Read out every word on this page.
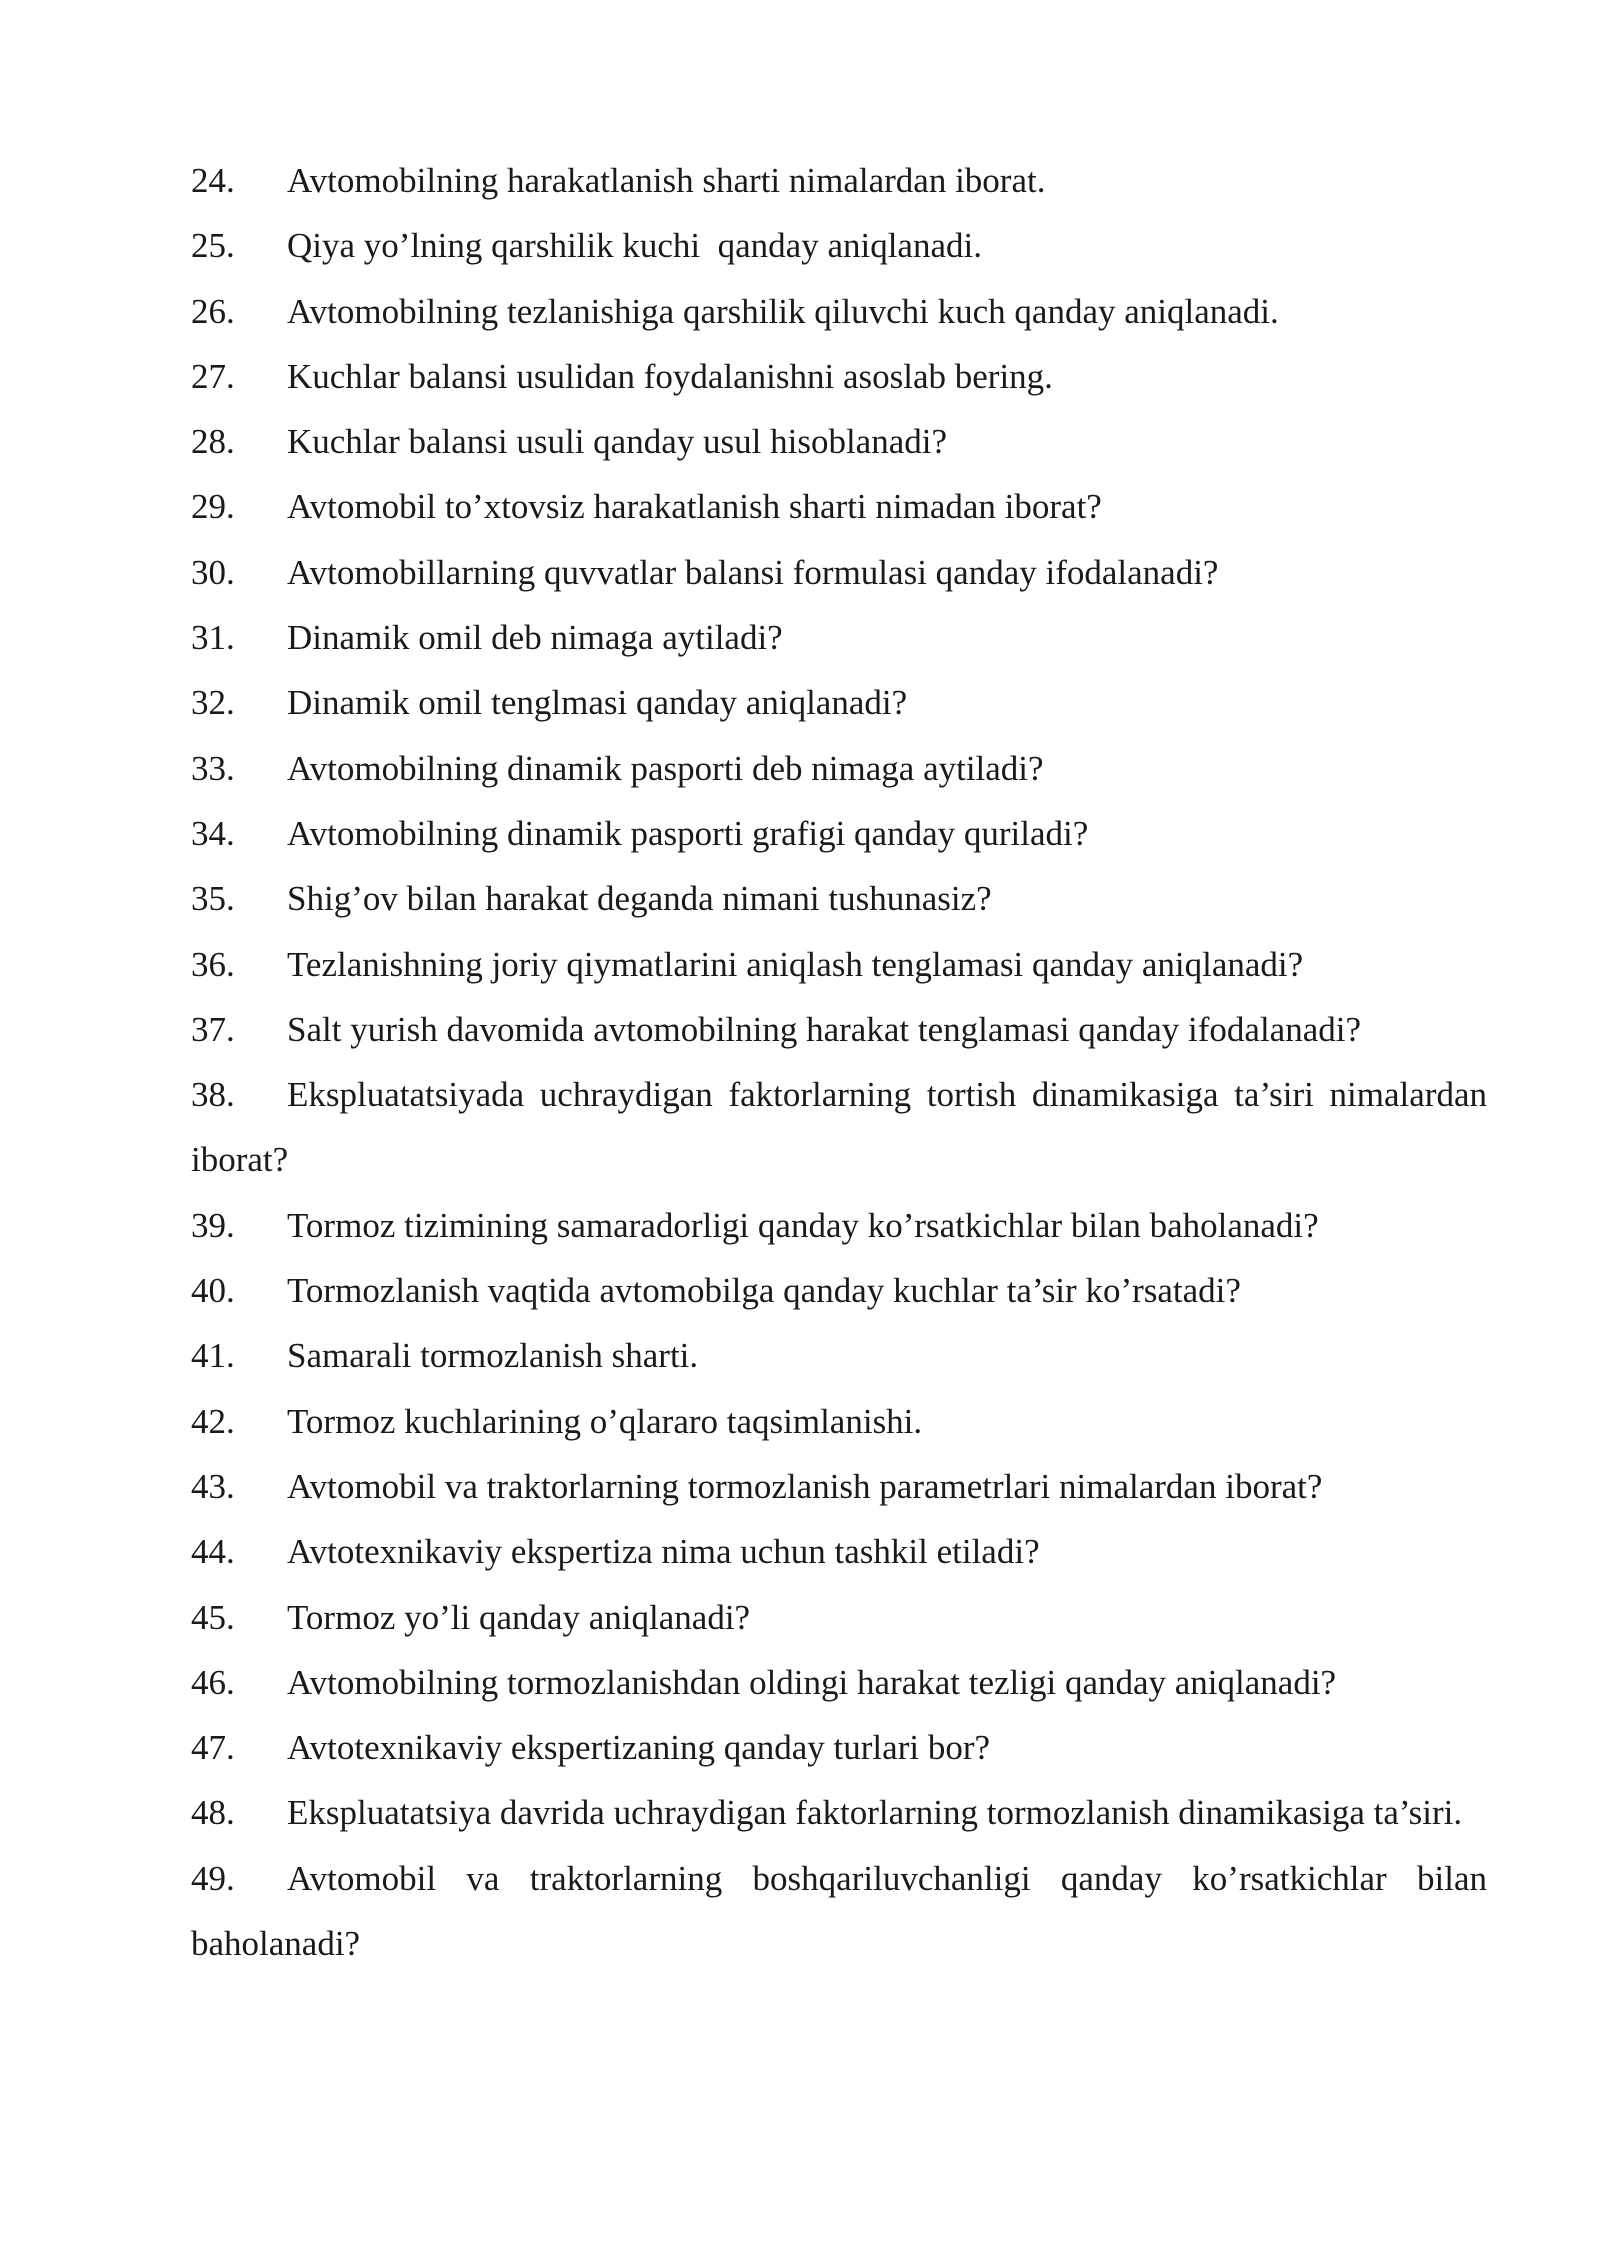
24. Avtomobilning harakatlanish sharti nimalardan iborat.
25. Qiya yo’lning qarshilik kuchi  qanday aniqlanadi.
26. Avtomobilning tezlanishiga qarshilik qiluvchi kuch qanday aniqlanadi.
27. Kuchlar balansi usulidan foydalanishni asoslab bering.
28. Kuchlar balansi usuli qanday usul hisoblanadi?
29. Avtomobil to’xtovsiz harakatlanish sharti nimadan iborat?
30. Avtomobillarning quvvatlar balansi formulasi qanday ifodalanadi?
31. Dinamik omil deb nimaga aytiladi?
32. Dinamik omil tenglmasi qanday aniqlanadi?
33. Avtomobilning dinamik pasporti deb nimaga aytiladi?
34. Avtomobilning dinamik pasporti grafigi qanday quriladi?
35. Shig’ov bilan harakat deganda nimani tushunasiz?
36. Tezlanishning joriy qiymatlarini aniqlash tenglamasi qanday aniqlanadi?
37. Salt yurish davomida avtomobilning harakat tenglamasi qanday ifodalanadi?
38. Ekspluatatsiyada uchraydigan faktorlarning tortish dinamikasiga ta’siri nimalardan iborat?
39. Tormoz tizimining samaradorligi qanday ko’rsatkichlar bilan baholanadi?
40. Tormozlanish vaqtida avtomobilga qanday kuchlar ta’sir ko’rsatadi?
41. Samarali tormozlanish sharti.
42. Tormoz kuchlarining o’qlararo taqsimlanishi.
43. Avtomobil va traktorlarning tormozlanish parametrlari nimalardan iborat?
44. Avtotexnikaviy ekspertiza nima uchun tashkil etiladi?
45. Tormoz yo’li qanday aniqlanadi?
46. Avtomobilning tormozlanishdan oldingi harakat tezligi qanday aniqlanadi?
47. Avtotexnikaviy ekspertizaning qanday turlari bor?
48. Ekspluatatsiya davrida uchraydigan faktorlarning tormozlanish dinamikasiga ta’siri.
49. Avtomobil va traktorlarning boshqariluvchanligi qanday ko’rsatkichlar bilan baholanadi?
